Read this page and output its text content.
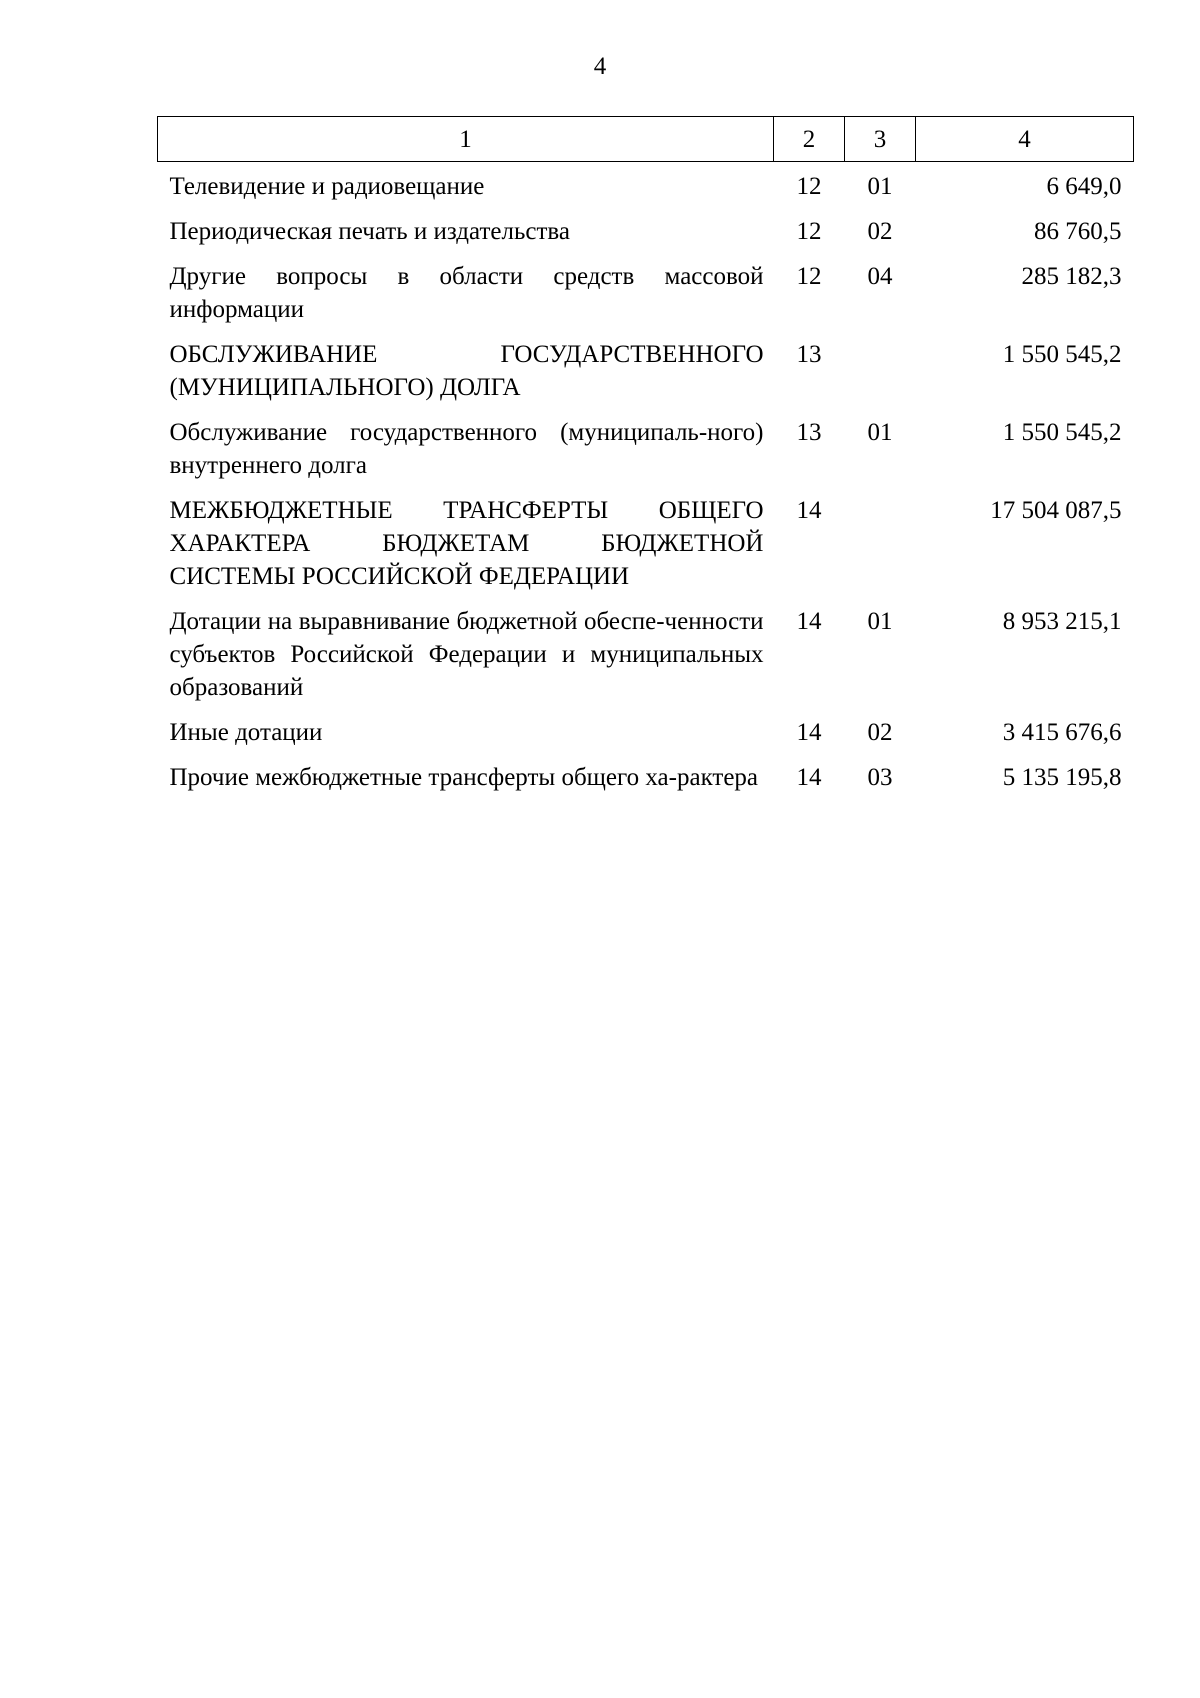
4
1	2	3	4
Телевидение и радиовещание	12	01	6 649,0
Периодическая печать и издательства	12	02	86 760,5
Другие вопросы в области средств массовой информации	12	04	285 182,3
ОБСЛУЖИВАНИЕ ГОСУДАРСТВЕННОГО (МУНИЦИПАЛЬНОГО) ДОЛГА	13		1 550 545,2
Обслуживание государственного (муниципаль-ного) внутреннего долга	13	01	1 550 545,2
МЕЖБЮДЖЕТНЫЕ ТРАНСФЕРТЫ ОБЩЕГО ХАРАКТЕРА БЮДЖЕТАМ БЮДЖЕТНОЙ СИСТЕМЫ РОССИЙСКОЙ ФЕДЕРАЦИИ	14		17 504 087,5
Дотации на выравнивание бюджетной обеспе-ченности субъектов Российской Федерации и муниципальных образований	14	01	8 953 215,1
Иные дотации	14	02	3 415 676,6
Прочие межбюджетные трансферты общего ха-рактера	14	03	5 135 195,8
